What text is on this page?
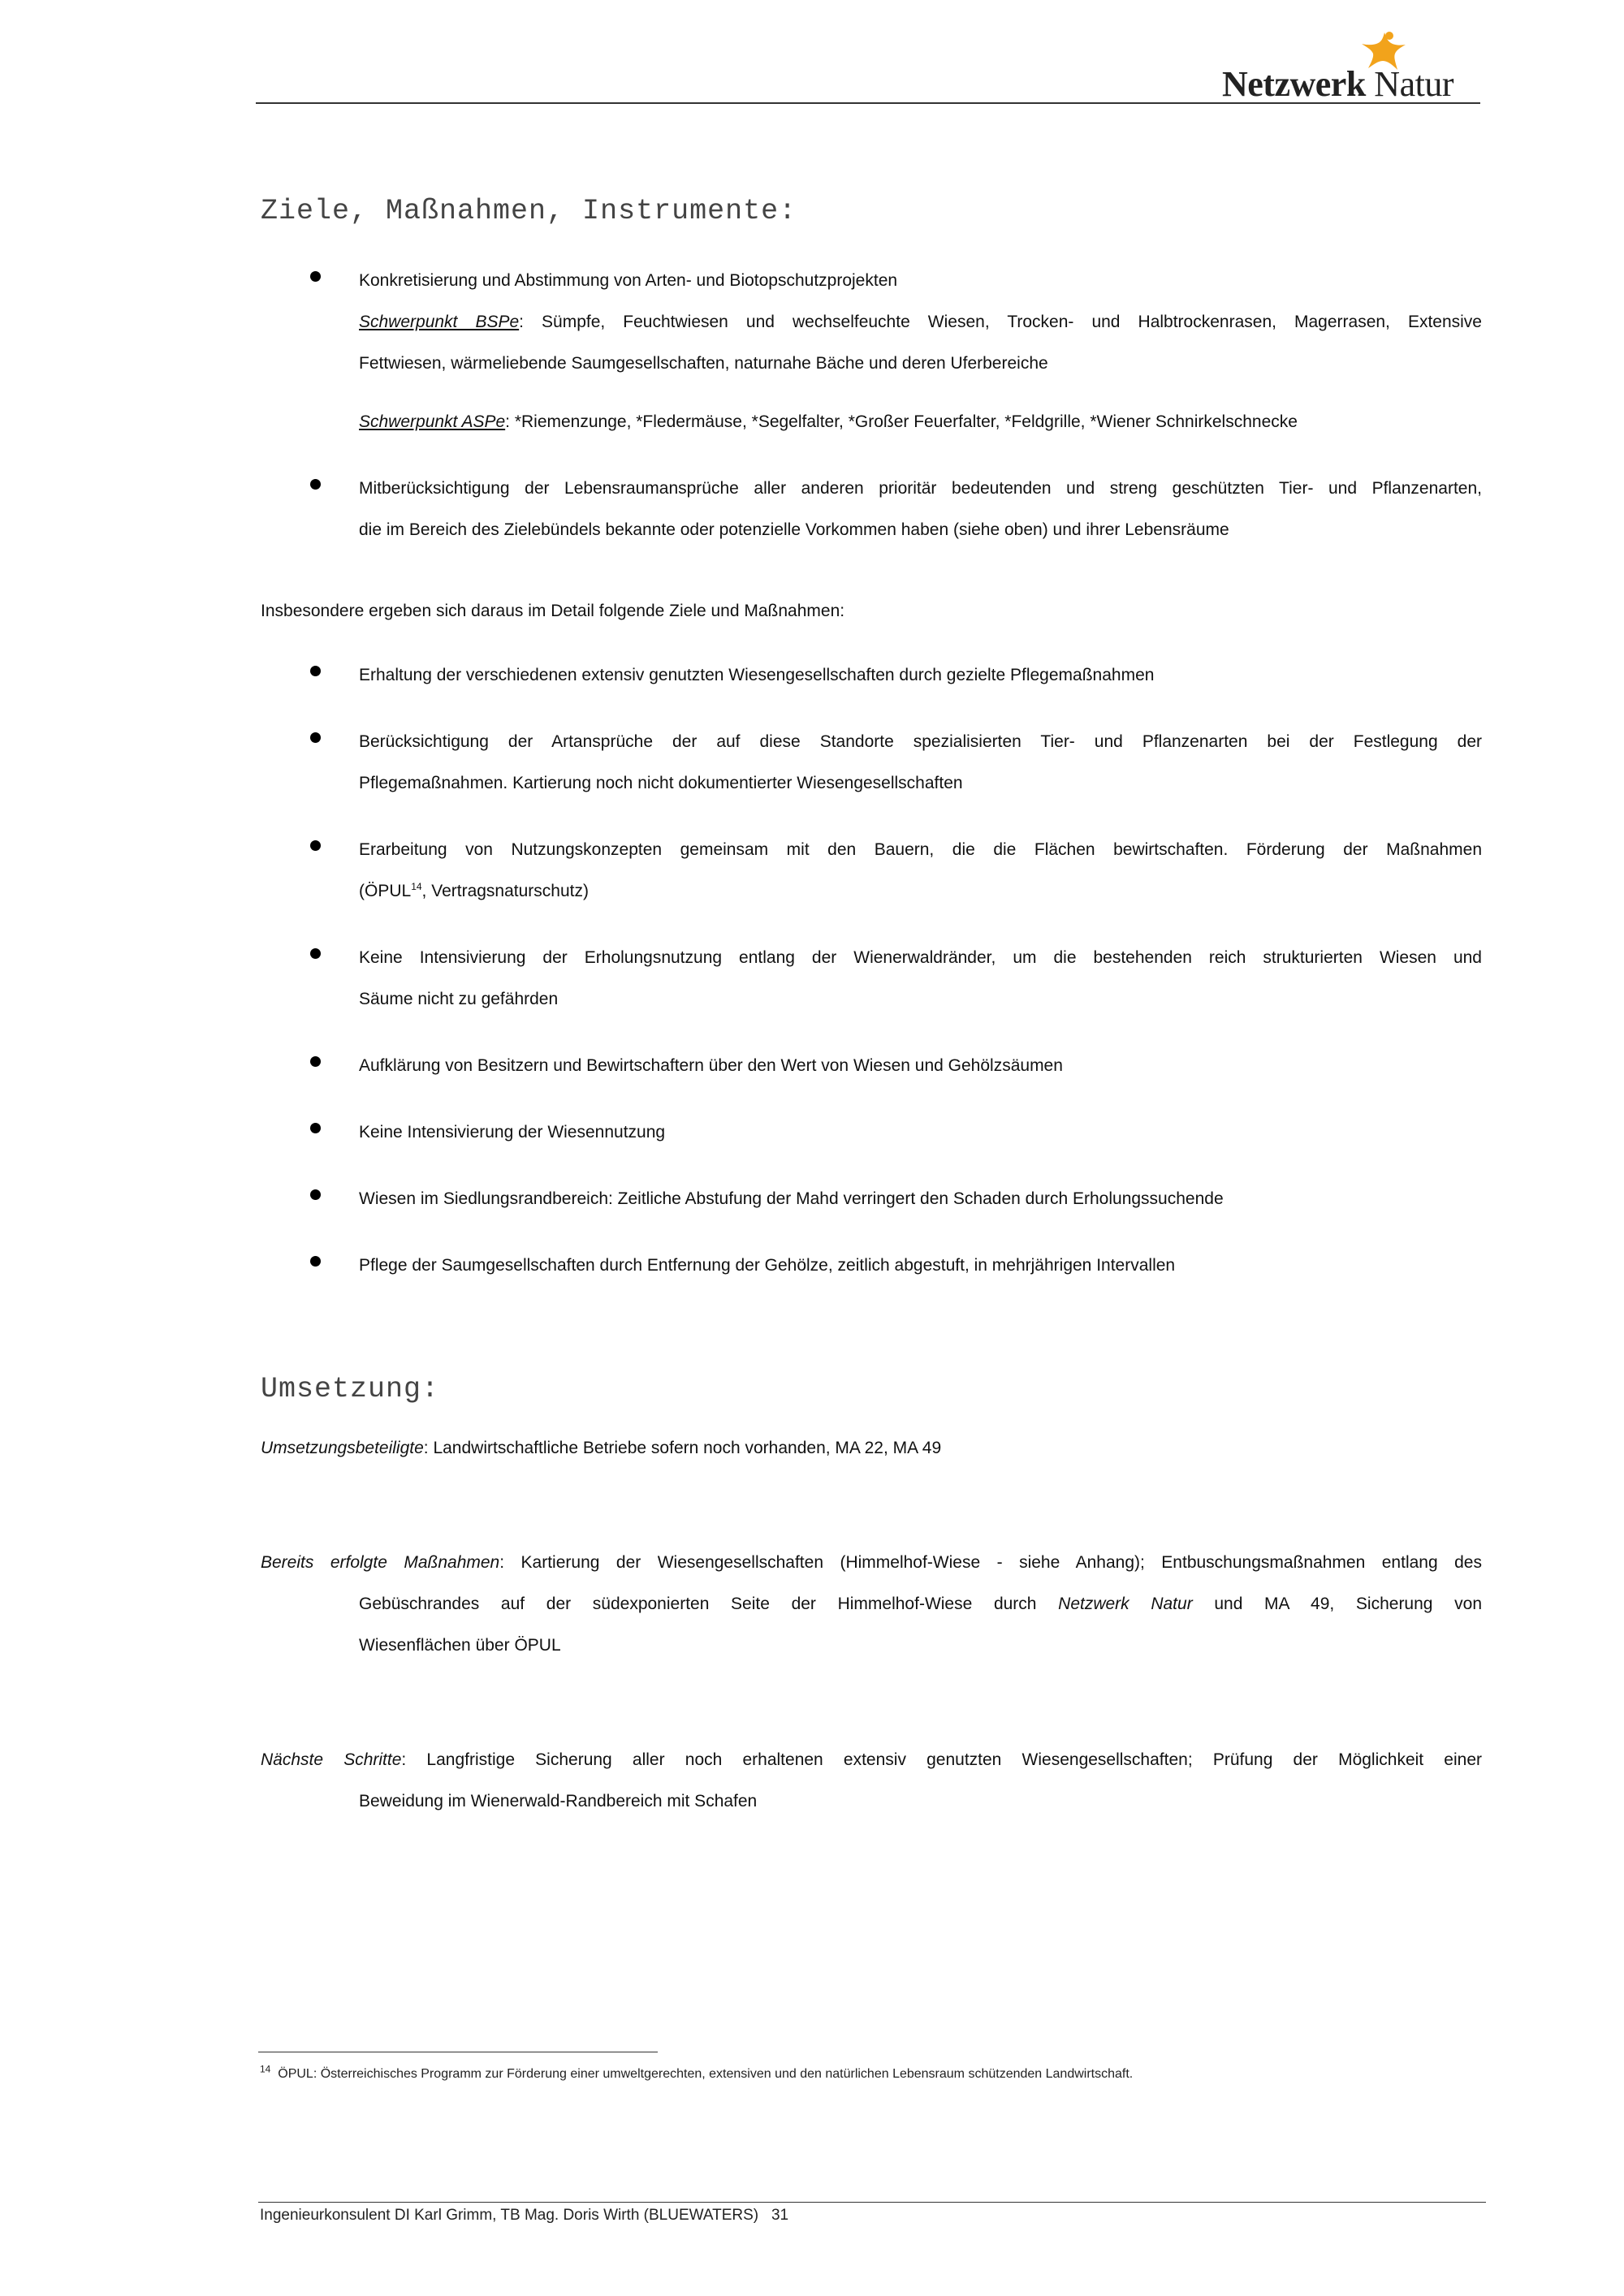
Netzwerk Natur
Ziele, Maßnahmen, Instrumente:
Konkretisierung und Abstimmung von Arten- und Biotopschutzprojekten
Schwerpunkt BSPe: Sümpfe, Feuchtwiesen und wechselfeuchte Wiesen, Trocken- und Halbtrockenrasen, Magerrasen, Extensive
Fettwiesen, wärmeliebende Saumgesellschaften, naturnahe Bäche und deren Uferbereiche
Schwerpunkt ASPe: *Riemenzunge, *Fledermäuse, *Segelfalter, *Großer Feuerfalter, *Feldgrille, *Wiener Schnirkelschnecke
Mitberücksichtigung der Lebensraumansprüche aller anderen prioritär bedeutenden und streng geschützten Tier- und Pflanzenarten,
die im Bereich des Zielebündels bekannte oder potenzielle Vorkommen haben (siehe oben) und ihrer Lebensräume
Insbesondere ergeben sich daraus im Detail folgende Ziele und Maßnahmen:
Erhaltung der verschiedenen extensiv genutzten Wiesengesellschaften durch gezielte Pflegemaßnahmen
Berücksichtigung der Artansprüche der auf diese Standorte spezialisierten Tier- und Pflanzenarten bei der Festlegung der
Pflegemaßnahmen. Kartierung noch nicht dokumentierter Wiesengesellschaften
Erarbeitung von Nutzungskonzepten gemeinsam mit den Bauern, die die Flächen bewirtschaften. Förderung der Maßnahmen
(ÖPUL$^{14}$, Vertragsnaturschutz)
Keine Intensivierung der Erholungsnutzung entlang der Wienerwaldränder, um die bestehenden reich strukturierten Wiesen und
Säume nicht zu gefährden
Aufklärung von Besitzern und Bewirtschaftern über den Wert von Wiesen und Gehölzsäumen
Keine Intensivierung der Wiesennutzung
Wiesen im Siedlungsrandbereich: Zeitliche Abstufung der Mahd verringert den Schaden durch Erholungssuchende
Pflege der Saumgesellschaften durch Entfernung der Gehölze, zeitlich abgestuft, in mehrjährigen Intervallen
Umsetzung:
Umsetzungsbeteiligte: Landwirtschaftliche Betriebe sofern noch vorhanden, MA 22, MA 49
Bereits erfolgte Maßnahmen: Kartierung der Wiesengesellschaften (Himmelhof-Wiese - siehe Anhang); Entbuschungsmaßnahmen entlang des
Gebüschrandes auf der südexponierten Seite der Himmelhof-Wiese durch Netzwerk Natur und MA 49, Sicherung von
Wiesenflächen über ÖPUL
Nächste Schritte: Langfristige Sicherung aller noch erhaltenen extensiv genutzten Wiesengesellschaften; Prüfung der Möglichkeit einer
Beweidung im Wienerwald-Randbereich mit Schafen
$^{14}$ ÖPUL: Österreichisches Programm zur Förderung einer umweltgerechten, extensiven und den natürlichen Lebensraum schützenden Landwirtschaft.
Ingenieurkonsulent DI Karl Grimm, TB Mag. Doris Wirth (BLUEWATERS) 31
